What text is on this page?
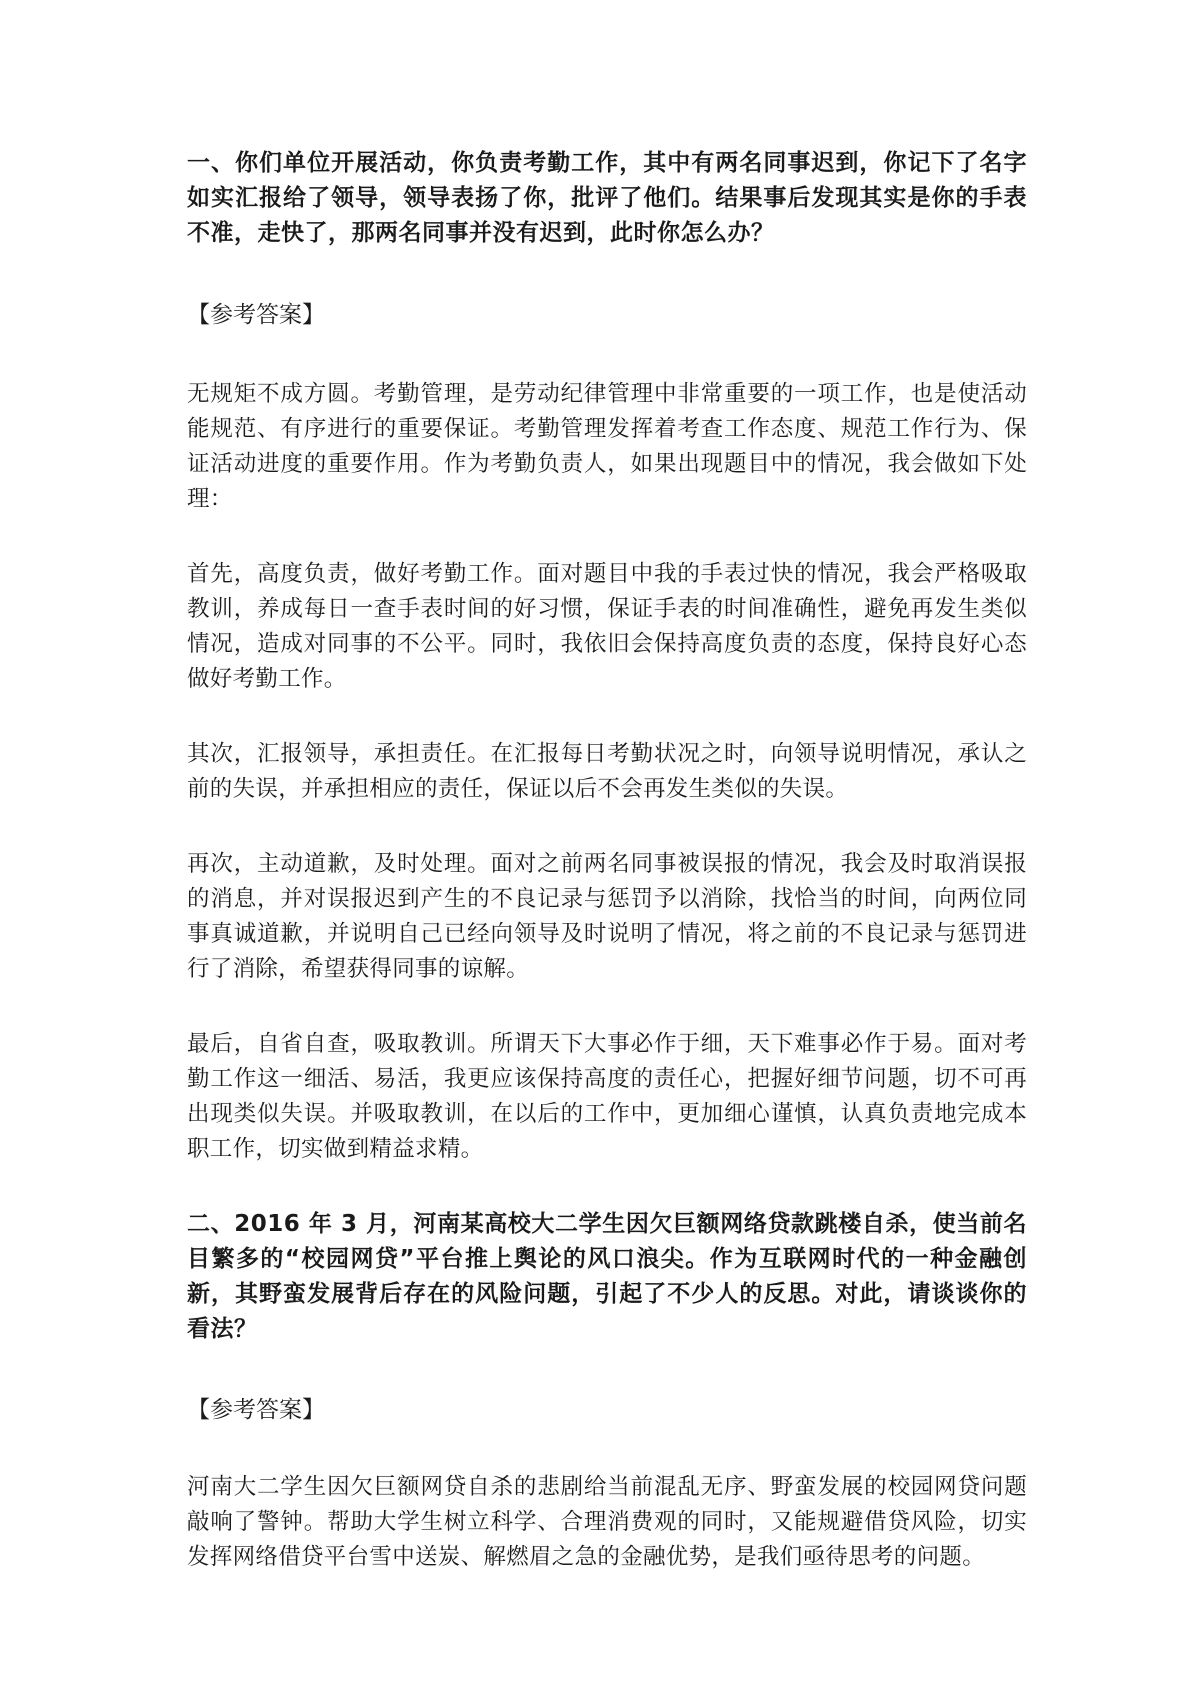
一、你们单位开展活动，你负责考勤工作，其中有两名同事迟到，你记下了名字如实汇报给了领导，领导表扬了你，批评了他们。结果事后发现其实是你的手表不准，走快了，那两名同事并没有迟到，此时你怎么办？

【参考答案】

无规矩不成方圆。考勤管理，是劳动纪律管理中非常重要的一项工作，也是使活动能规范、有序进行的重要保证。考勤管理发挥着考查工作态度、规范工作行为、保证活动进度的重要作用。作为考勤负责人，如果出现题目中的情况，我会做如下处理：

首先，高度负责，做好考勤工作。面对题目中我的手表过快的情况，我会严格吸取教训，养成每日一查手表时间的好习惯，保证手表的时间准确性，避免再发生类似情况，造成对同事的不公平。同时，我依旧会保持高度负责的态度，保持良好心态做好考勤工作。

其次，汇报领导，承担责任。在汇报每日考勤状况之时，向领导说明情况，承认之前的失误，并承担相应的责任，保证以后不会再发生类似的失误。

再次，主动道歉，及时处理。面对之前两名同事被误报的情况，我会及时取消误报的消息，并对误报迟到产生的不良记录与惩罚予以消除，找恰当的时间，向两位同事真诚道歉，并说明自己已经向领导及时说明了情况，将之前的不良记录与惩罚进行了消除，希望获得同事的谅解。

最后，自省自查，吸取教训。所谓天下大事必作于细，天下难事必作于易。面对考勤工作这一细活、易活，我更应该保持高度的责任心，把握好细节问题，切不可再出现类似失误。并吸取教训，在以后的工作中，更加细心谨慎，认真负责地完成本职工作，切实做到精益求精。

二、2016 年 3 月，河南某高校大二学生因欠巨额网络贷款跳楼自杀，使当前名目繁多的“校园网贷”平台推上舆论的风口浪尖。作为互联网时代的一种金融创新，其野蛮发展背后存在的风险问题，引起了不少人的反思。对此，请谈谈你的看法？

【参考答案】

河南大二学生因欠巨额网贷自杀的悲剧给当前混乱无序、野蛮发展的校园网贷问题敲响了警钟。帮助大学生树立科学、合理消费观的同时，又能规避借贷风险，切实发挥网络借贷平台雪中送炭、解燃眉之急的金融优势，是我们亟待思考的问题。
